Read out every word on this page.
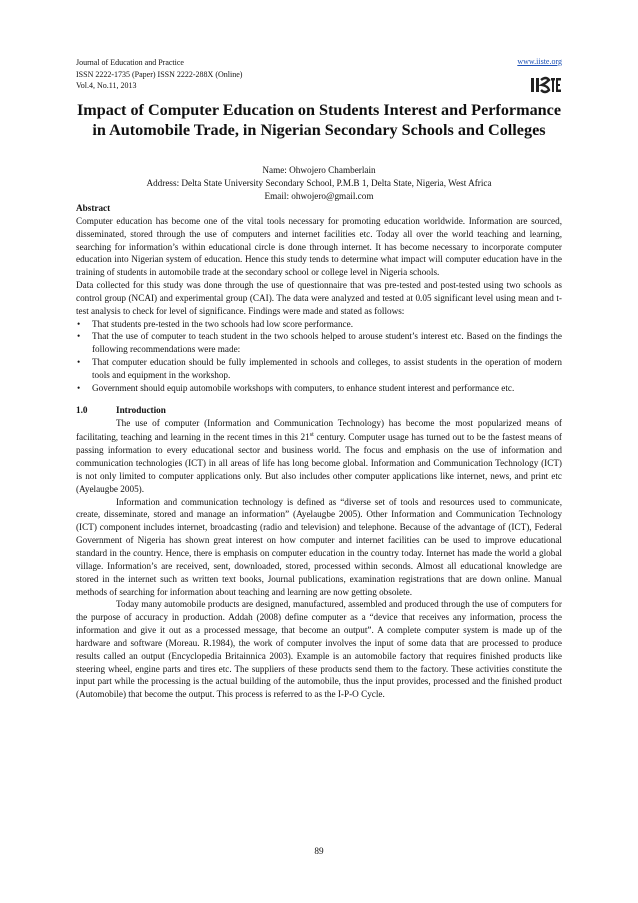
Journal of Education and Practice
ISSN 2222-1735 (Paper) ISSN 2222-288X (Online)
Vol.4, No.11, 2013
www.iiste.org
Impact of Computer Education on Students Interest and Performance in Automobile Trade, in Nigerian Secondary Schools and Colleges
Name: Ohwojero Chamberlain
Address: Delta State University Secondary School, P.M.B 1, Delta State, Nigeria, West Africa
Email: ohwojero@gmail.com
Abstract

Computer education has become one of the vital tools necessary for promoting education worldwide. Information are sourced, disseminated, stored through the use of computers and internet facilities etc. Today all over the world teaching and learning, searching for information’s within educational circle is done through internet. It has become necessary to incorporate computer education into Nigerian system of education. Hence this study tends to determine what impact will computer education have in the training of students in automobile trade at the secondary school or college level in Nigeria schools.

Data collected for this study was done through the use of questionnaire that was pre-tested and post-tested using two schools as control group (NCAI) and experimental group (CAI). The data were analyzed and tested at 0.05 significant level using mean and t-test analysis to check for level of significance. Findings were made and stated as follows:

• That students pre-tested in the two schools had low score performance.
• That the use of computer to teach student in the two schools helped to arouse student’s interest etc. Based on the findings the following recommendations were made:
• That computer education should be fully implemented in schools and colleges, to assist students in the operation of modern tools and equipment in the workshop.
• Government should equip automobile workshops with computers, to enhance student interest and performance etc.
1.0	Introduction

The use of computer (Information and Communication Technology) has become the most popularized means of facilitating, teaching and learning in the recent times in this 21st century. Computer usage has turned out to be the fastest means of passing information to every educational sector and business world. The focus and emphasis on the use of information and communication technologies (ICT) in all areas of life has long become global. Information and Communication Technology (ICT) is not only limited to computer applications only. But also includes other computer applications like internet, news, and print etc (Ayelaugbe 2005).

Information and communication technology is defined as “diverse set of tools and resources used to communicate, create, disseminate, stored and manage an information” (Ayelaugbe 2005). Other Information and Communication Technology (ICT) component includes internet, broadcasting (radio and television) and telephone. Because of the advantage of (ICT), Federal Government of Nigeria has shown great interest on how computer and internet facilities can be used to improve educational standard in the country. Hence, there is emphasis on computer education in the country today. Internet has made the world a global village. Information’s are received, sent, downloaded, stored, processed within seconds. Almost all educational knowledge are stored in the internet such as written text books, Journal publications, examination registrations that are down online. Manual methods of searching for information about teaching and learning are now getting obsolete.

Today many automobile products are designed, manufactured, assembled and produced through the use of computers for the purpose of accuracy in production. Addah (2008) define computer as a “device that receives any information, process the information and give it out as a processed message, that become an output”. A complete computer system is made up of the hardware and software (Moreau. R.1984), the work of computer involves the input of some data that are processed to produce results called an output (Encyclopedia Britainnica 2003). Example is an automobile factory that requires finished products like steering wheel, engine parts and tires etc. The suppliers of these products send them to the factory. These activities constitute the input part while the processing is the actual building of the automobile, thus the input provides, processed and the finished product (Automobile) that become the output. This process is referred to as the I-P-O Cycle.

89
